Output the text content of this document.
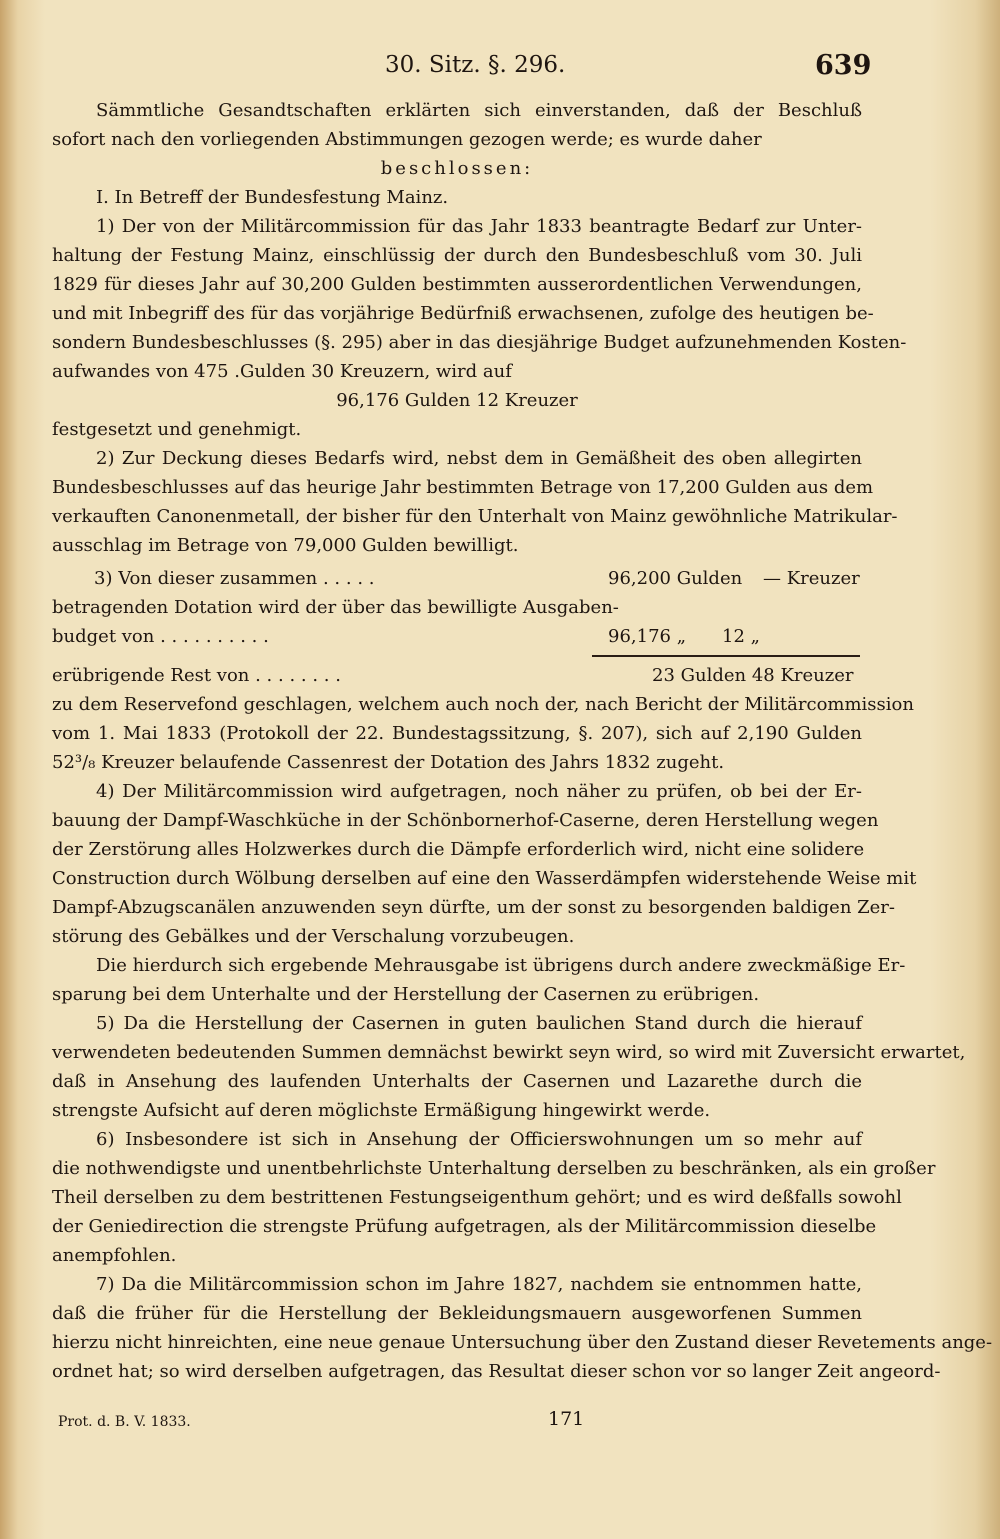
30. Sitz. §. 296.	639
Sämmtliche Gesandtschaften erklärten sich einverstanden, daß der Beschluß
sofort nach den vorliegenden Abstimmungen gezogen werde; es wurde daher
beschlossen:
I. In Betreff der Bundesfestung Mainz.
1) Der von der Militärcommission für das Jahr 1833 beantragte Bedarf zur Unter-
haltung der Festung Mainz, einschlüssig der durch den Bundesbeschluß vom 30. Juli
1829 für dieses Jahr auf 30,200 Gulden bestimmten ausserordentlichen Verwendungen,
und mit Inbegriff des für das vorjährige Bedürfniß erwachsenen, zufolge des heutigen be-
sondern Bundesbeschlusses (§. 295) aber in das diesjährige Budget aufzunehmenden Kosten-
aufwandes von 475 .Gulden 30 Kreuzern, wird auf
96,176 Gulden 12 Kreuzer
festgesetzt und genehmigt.
2) Zur Deckung dieses Bedarfs wird, nebst dem in Gemäßheit des oben allegirten
Bundesbeschlusses auf das heurige Jahr bestimmten Betrage von 17,200 Gulden aus dem
verkauften Canonenmetall, der bisher für den Unterhalt von Mainz gewöhnliche Matrikular-
ausschlag im Betrage von 79,000 Gulden bewilligt.
3) Von dieser zusammen . . . . .	96,200 Gulden — Kreuzer
betragenden Dotation wird der über das bewilligte Ausgaben-
budget von . . . . . . . . . .	96,176 „ 12 „
erübrigende Rest von . . . . . . . .	23 Gulden 48 Kreuzer
zu dem Reservefond geschlagen, welchem auch noch der, nach Bericht der Militärcommission
vom 1. Mai 1833 (Protokoll der 22. Bundestagssitzung, §. 207), sich auf 2,190 Gulden
52³/₈ Kreuzer belaufende Cassenrest der Dotation des Jahrs 1832 zugeht.
4) Der Militärcommission wird aufgetragen, noch näher zu prüfen, ob bei der Er-
bauung der Dampf-Waschküche in der Schönbornerhof-Caserne, deren Herstellung wegen
der Zerstörung alles Holzwerkes durch die Dämpfe erforderlich wird, nicht eine solidere
Construction durch Wölbung derselben auf eine den Wasserdämpfen widerstehende Weise mit
Dampf-Abzugscanälen anzuwenden seyn dürfte, um der sonst zu besorgenden baldigen Zer-
störung des Gebälkes und der Verschalung vorzubeugen.
Die hierdurch sich ergebende Mehrausgabe ist übrigens durch andere zweckmäßige Er-
sparung bei dem Unterhalte und der Herstellung der Casernen zu erübrigen.
5) Da die Herstellung der Casernen in guten baulichen Stand durch die hierauf
verwendeten bedeutenden Summen demnächst bewirkt seyn wird, so wird mit Zuversicht erwartet,
daß in Ansehung des laufenden Unterhalts der Casernen und Lazarethe durch die
strengste Aufsicht auf deren möglichste Ermäßigung hingewirkt werde.
6) Insbesondere ist sich in Ansehung der Officierswohnungen um so mehr auf
die nothwendigste und unentbehrlichste Unterhaltung derselben zu beschränken, als ein großer
Theil derselben zu dem bestrittenen Festungseigenthum gehört; und es wird deßfalls sowohl
der Geniedirection die strengste Prüfung aufgetragen, als der Militärcommission dieselbe
anempfohlen.
7) Da die Militärcommission schon im Jahre 1827, nachdem sie entnommen hatte,
daß die früher für die Herstellung der Bekleidungsmauern ausgeworfenen Summen
hierzu nicht hinreichten, eine neue genaue Untersuchung über den Zustand dieser Revetements ange-
ordnet hat; so wird derselben aufgetragen, das Resultat dieser schon vor so langer Zeit angeord-
Prot. d. B. V. 1833.	171
